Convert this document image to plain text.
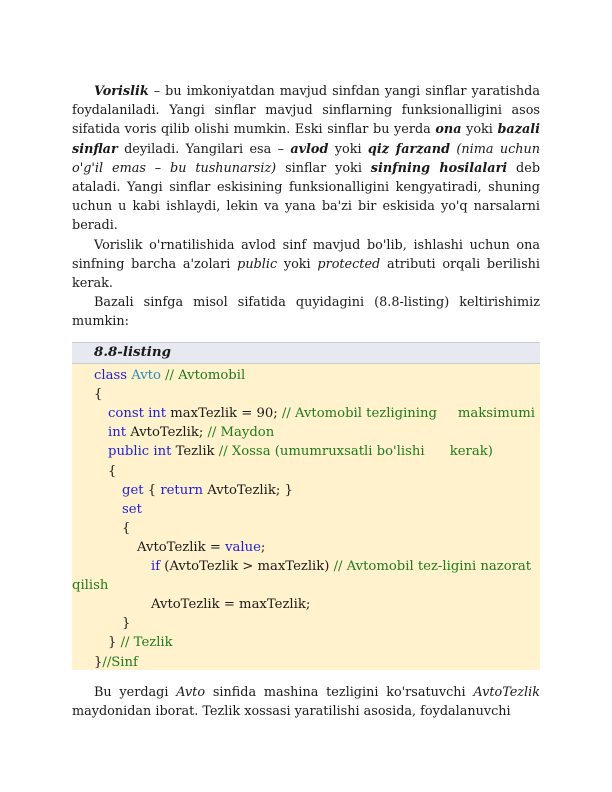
Vorislik – bu imkoniyatdan mavjud sinfdan yangi sinflar yaratishda foydalaniladi. Yangi sinflar mavjud sinflarning funksionalligini asos sifatida voris qilib olishi mumkin. Eski sinflar bu yerda ona yoki bazali sinflar deyiladi. Yangilari esa – avlod yoki qiz farzand (nima uchun o'g'il emas – bu tushunarsiz) sinflar yoki sinfning hosilalari deb ataladi. Yangi sinflar eskisining funksionalligini kengyatiradi, shuning uchun u kabi ishlaydi, lekin va yana ba'zi bir eskisida yo'q narsalarni beradi.

Vorislik o'rnatilishida avlod sinf mavjud bo'lib, ishlashi uchun ona sinfning barcha a'zolari public yoki protected atributi orqali berilishi kerak.

Bazali sinfga misol sifatida quyidagini (8.8-listing) keltirishimiz mumkin:

8.8-listing
class Avto // Avtomobil
{
const int maxTezlik = 90; // Avtomobil tezligining     maksimumi
int AvtoTezlik; // Maydon
public int Tezlik // Xossa (umumruxsatli bo'lishi      kerak)
{
get { return AvtoTezlik; }
set
{
AvtoTezlik = value;
if (AvtoTezlik > maxTezlik) // Avtomobil tez-ligini nazorat
qilish
AvtoTezlik = maxTezlik;
}
} // Tezlik
}//Sinf

Bu yerdagi Avto sinfida mashina tezligini ko'rsatuvchi AvtoTezlik maydonidan iborat. Tezlik xossasi yaratilishi asosida, foydalanuvchi
